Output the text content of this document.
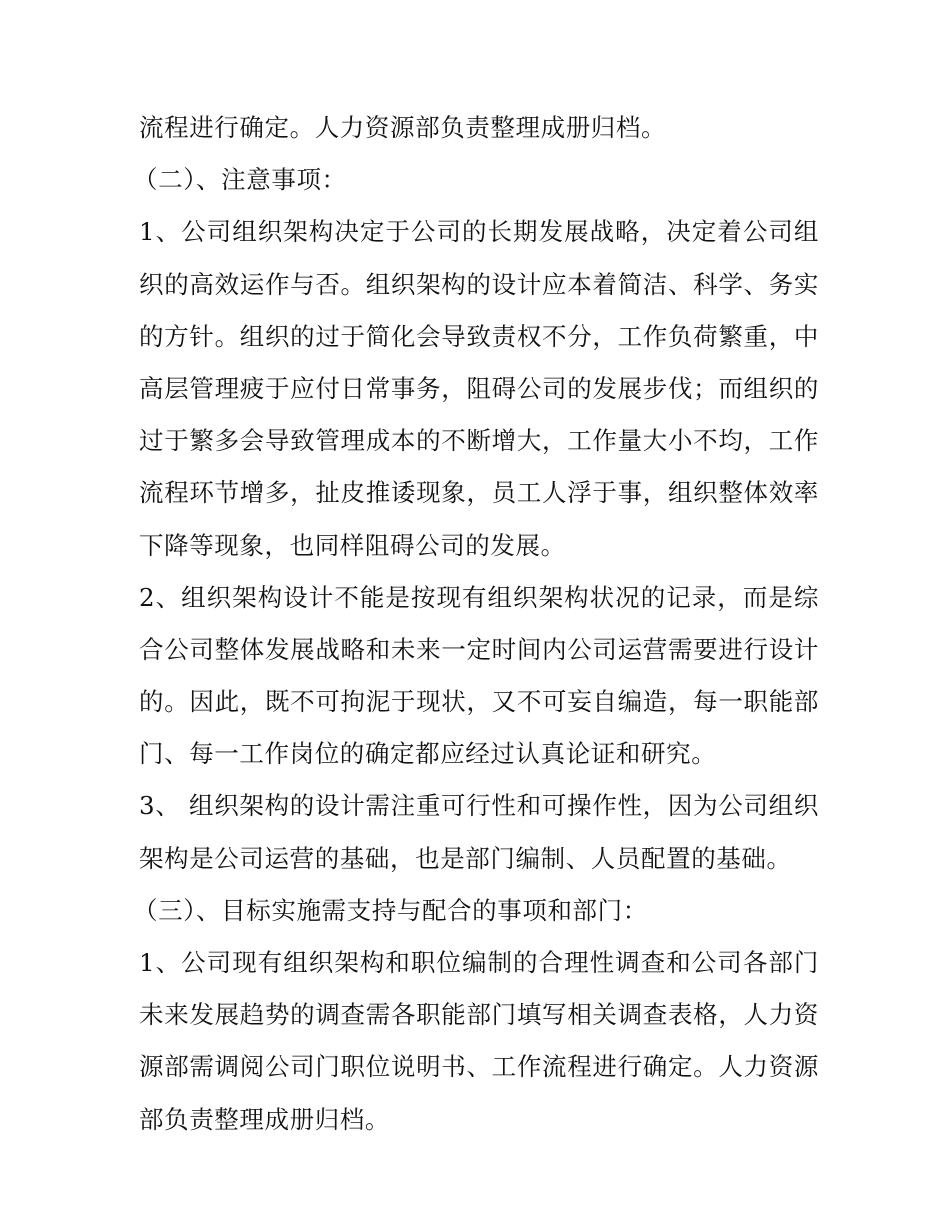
流程进行确定。人力资源部负责整理成册归档。
（二）、注意事项：
1、公司组织架构决定于公司的长期发展战略，决定着公司组
织的高效运作与否。组织架构的设计应本着简洁、科学、务实
的方针。组织的过于简化会导致责权不分，工作负荷繁重，中
高层管理疲于应付日常事务，阻碍公司的发展步伐；而组织的
过于繁多会导致管理成本的不断增大，工作量大小不均，工作
流程环节增多，扯皮推诿现象，员工人浮于事，组织整体效率
下降等现象，也同样阻碍公司的发展。
2、组织架构设计不能是按现有组织架构状况的记录，而是综
合公司整体发展战略和未来一定时间内公司运营需要进行设计
的。因此，既不可拘泥于现状，又不可妄自编造，每一职能部
门、每一工作岗位的确定都应经过认真论证和研究。
3、 组织架构的设计需注重可行性和可操作性，因为公司组织
架构是公司运营的基础，也是部门编制、人员配置的基础。
（三）、目标实施需支持与配合的事项和部门：
1、公司现有组织架构和职位编制的合理性调查和公司各部门
未来发展趋势的调查需各职能部门填写相关调查表格，人力资
源部需调阅公司门职位说明书、工作流程进行确定。人力资源
部负责整理成册归档。
